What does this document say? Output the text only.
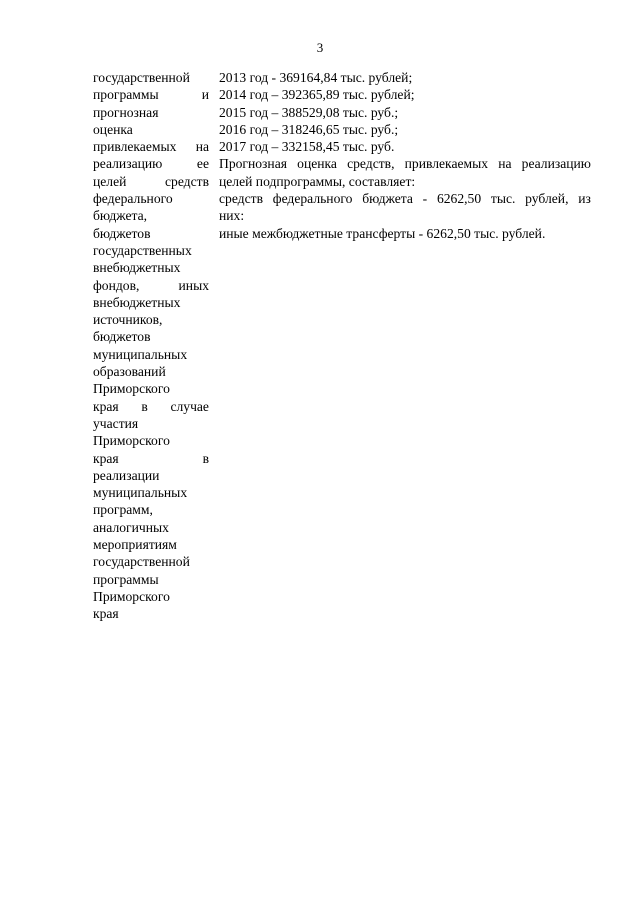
3
государственной
программы	и
прогнозная
оценка
привлекаемых на
реализацию	ее
целей	средств
федерального
бюджета,
бюджетов
государственных
внебюджетных
фондов,	иных
внебюджетных
источников,
бюджетов
муниципальных
образований
Приморского
края в случае
участия
Приморского
края	в
реализации
муниципальных
программ,
аналогичных
мероприятиям
государственной
программы
Приморского
края
2013 год - 369164,84 тыс. рублей;
2014 год – 392365,89 тыс. рублей;
2015 год – 388529,08 тыс. руб.;
2016 год – 318246,65 тыс. руб.;
2017 год – 332158,45 тыс. руб.
Прогнозная оценка средств, привлекаемых на реализацию
целей подпрограммы, составляет:
средств федерального бюджета - 6262,50 тыс. рублей, из
них:
иные межбюджетные трансферты - 6262,50 тыс. рублей.
